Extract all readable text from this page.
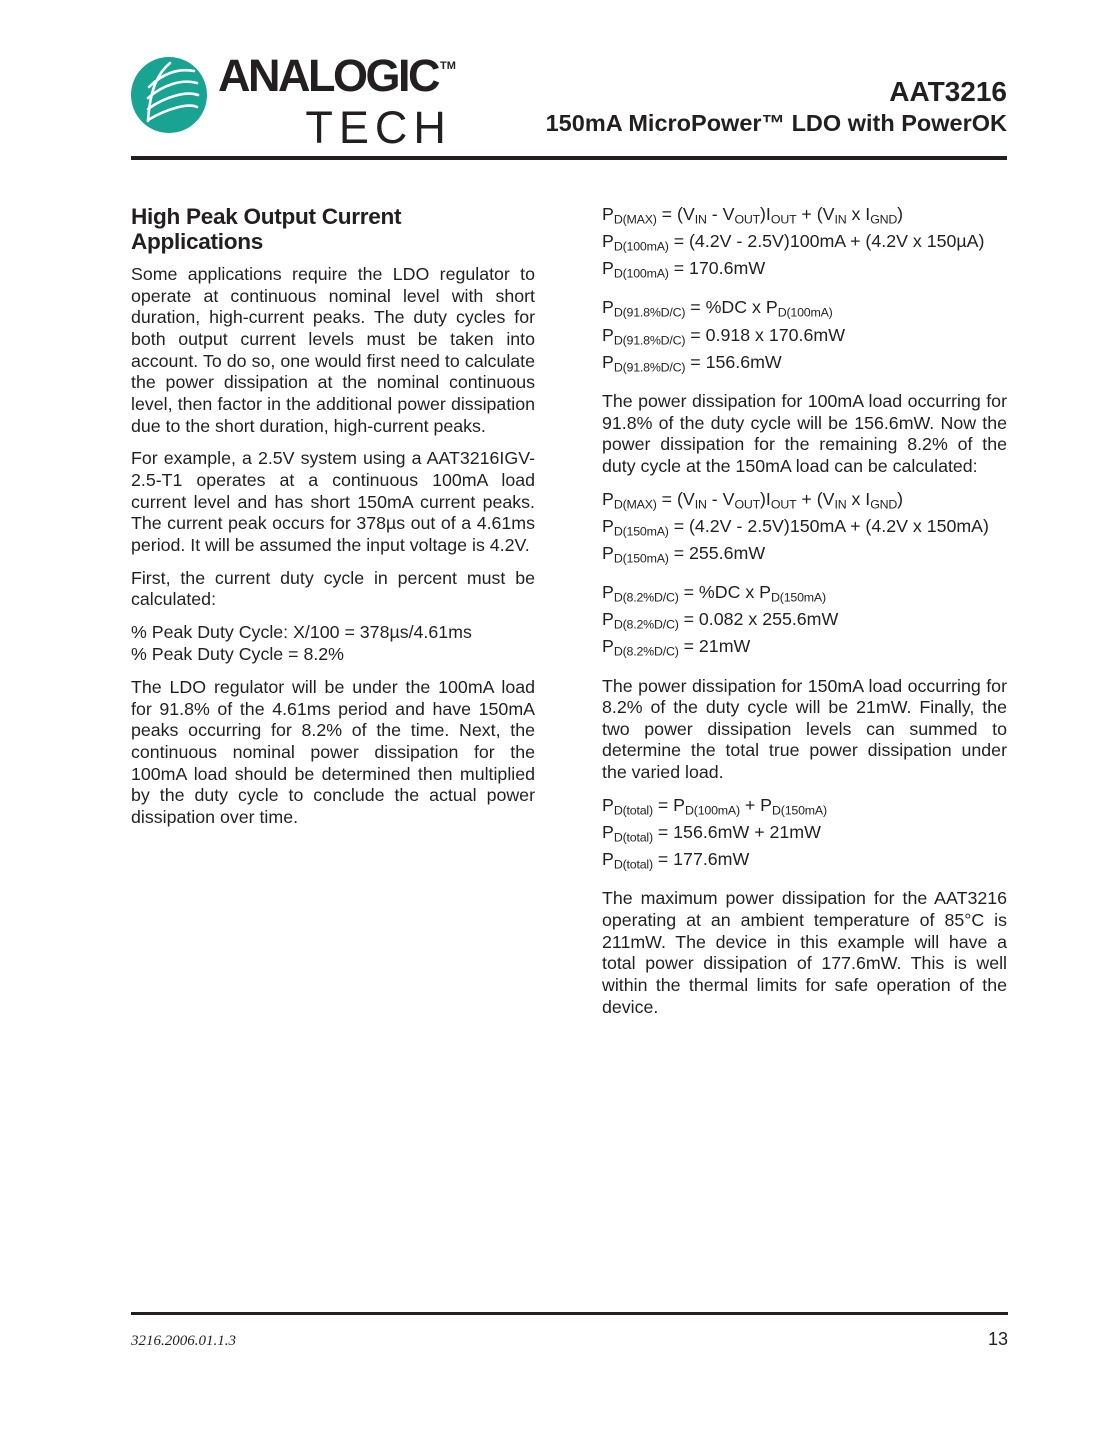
ANALOGIC TM
TECH
AAT3216
150mA MicroPower™ LDO with PowerOK
High Peak Output Current Applications

Some applications require the LDO regulator to operate at continuous nominal level with short duration, high-current peaks. The duty cycles for both output current levels must be taken into account. To do so, one would first need to calculate the power dissipation at the nominal continuous level, then factor in the additional power dissipation due to the short duration, high-current peaks.

For example, a 2.5V system using a AAT3216IGV-2.5-T1 operates at a continuous 100mA load current level and has short 150mA current peaks. The current peak occurs for 378µs out of a 4.61ms period. It will be assumed the input voltage is 4.2V.

First, the current duty cycle in percent must be calculated:

% Peak Duty Cycle: X/100 = 378µs/4.61ms
% Peak Duty Cycle = 8.2%

The LDO regulator will be under the 100mA load for 91.8% of the 4.61ms period and have 150mA peaks occurring for 8.2% of the time. Next, the continuous nominal power dissipation for the 100mA load should be determined then multiplied by the duty cycle to conclude the actual power dissipation over time.

$P_{D(MAX)} = (V_{IN} - V_{OUT})I_{OUT} + (V_{IN}$ x $I_{GND}$)
$P_{D(100mA)} = (4.2V - 2.5V)100mA + (4.2V$ x 150µA)
$P_{D(100mA)} = 170.6mW$
$P_{D(91.8\%D/C)} = \%DC$ x $P_{D(100mA)}$
$P_{D(91.8\%D/C)} = 0.918$ x 170.6mW
$P_{D(91.8\%D/C)} = 156.6mW$

The power dissipation for 100mA load occurring for 91.8% of the duty cycle will be 156.6mW. Now the power dissipation for the remaining 8.2% of the duty cycle at the 150mA load can be calculated:

$P_{D(MAX)} = (V_{IN} - V_{OUT})I_{OUT} + (V_{IN}$ x $I_{GND}$)
$P_{D(150mA)} = (4.2V - 2.5V)150mA + (4.2V$ x 150mA)
$P_{D(150mA)} = 255.6mW$
$P_{D(8.2\%D/C)} = \%DC$ x $P_{D(150mA)}$
$P_{D(8.2\%D/C)} = 0.082$ x 255.6mW
$P_{D(8.2\%D/C)} = 21mW$

The power dissipation for 150mA load occurring for 8.2% of the duty cycle will be 21mW. Finally, the two power dissipation levels can summed to determine the total true power dissipation under the varied load.

$P_{D(total)} = P_{D(100mA)} + P_{D(150mA)}$
$P_{D(total)} = 156.6mW + 21mW$
$P_{D(total)} = 177.6mW$

The maximum power dissipation for the AAT3216 operating at an ambient temperature of 85°C is 211mW. The device in this example will have a total power dissipation of 177.6mW. This is well within the thermal limits for safe operation of the device.

3216.2006.01.1.3	13
